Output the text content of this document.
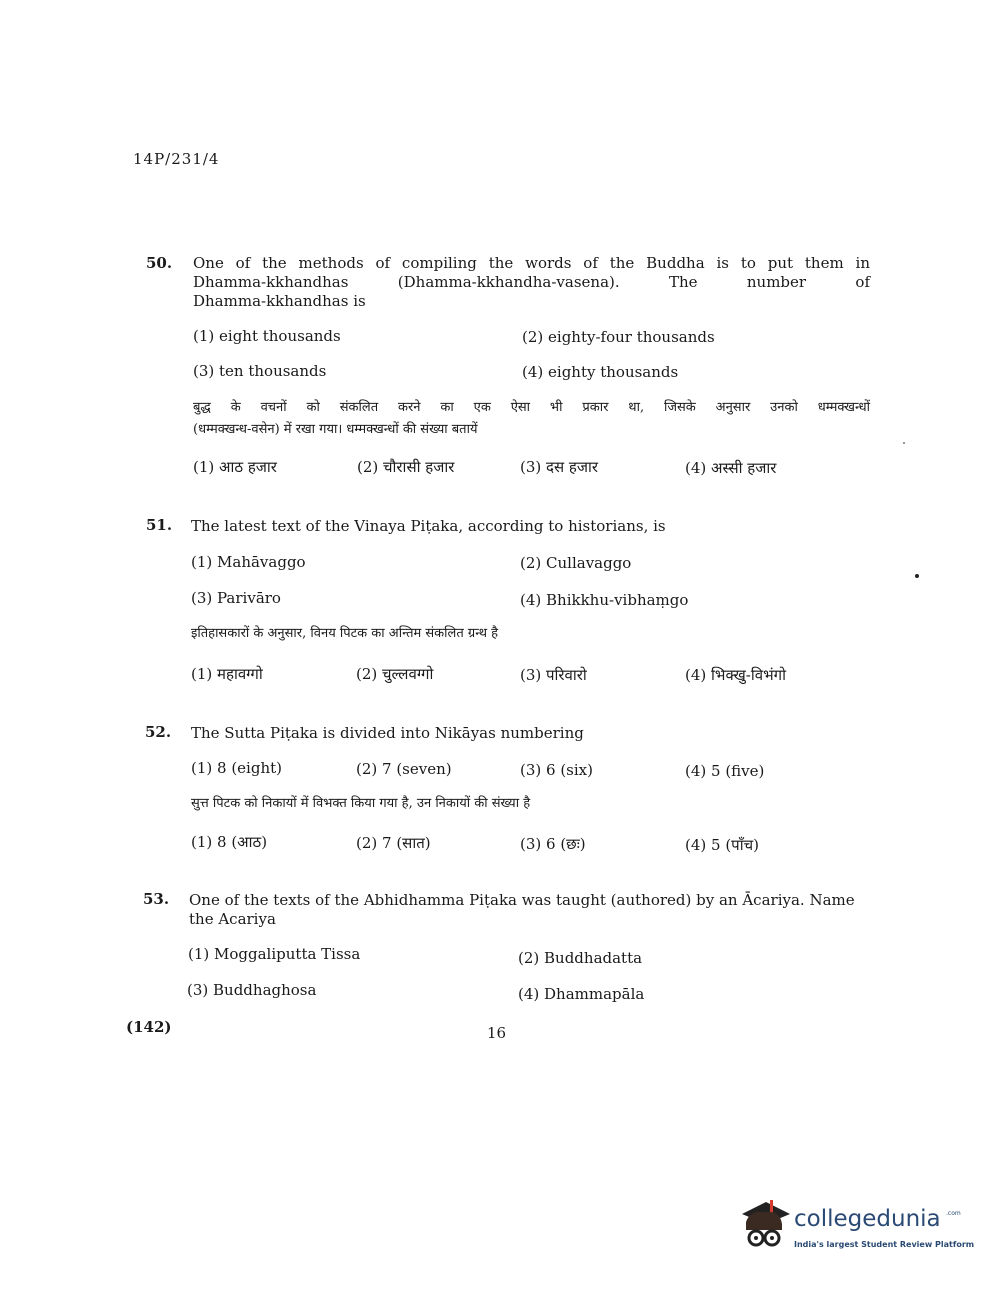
14P/231/4
50. One of the methods of compiling the words of the Buddha is to put them in
Dhamma-kkhandhas (Dhamma-kkhandha-vasena). The number of
Dhamma-kkhandhas is
(1) eight thousands	(2) eighty-four thousands
(3) ten thousands	(4) eighty thousands
बुद्ध के वचनों को संकलित करने का एक ऐसा भी प्रकार था, जिसके अनुसार उनको धम्मक्खन्धों
(धम्मक्खन्ध-वसेन) में रखा गया। धम्मक्खन्धों की संख्या बतायें
(1) आठ हजार	(2) चौरासी हजार	(3) दस हजार	(4) अस्सी हजार
51. The latest text of the Vinaya Piṭaka, according to historians, is
(1) Mahāvaggo	(2) Cullavaggo
(3) Parivāro	(4) Bhikkhu-vibhaṃgo
इतिहासकारों के अनुसार, विनय पिटक का अन्तिम संकलित ग्रन्थ है
(1) महावग्गो	(2) चुल्लवग्गो	(3) परिवारो	(4) भिक्खु-विभंगो
52. The Sutta Piṭaka is divided into Nikāyas numbering
(1) 8 (eight)	(2) 7 (seven)	(3) 6 (six)	(4) 5 (five)
सुत्त पिटक को निकायों में विभक्त किया गया है, उन निकायों की संख्या है
(1) 8 (आठ)	(2) 7 (सात)	(3) 6 (छः)	(4) 5 (पाँच)
53. One of the texts of the Abhidhamma Piṭaka was taught (authored) by an Ācariya. Name
the Acariya
(1) Moggaliputta Tissa	(2) Buddhadatta
(3) Buddhaghosa	(4) Dhammapāla
(142)	16
collegedunia .com
India's largest Student Review Platform
